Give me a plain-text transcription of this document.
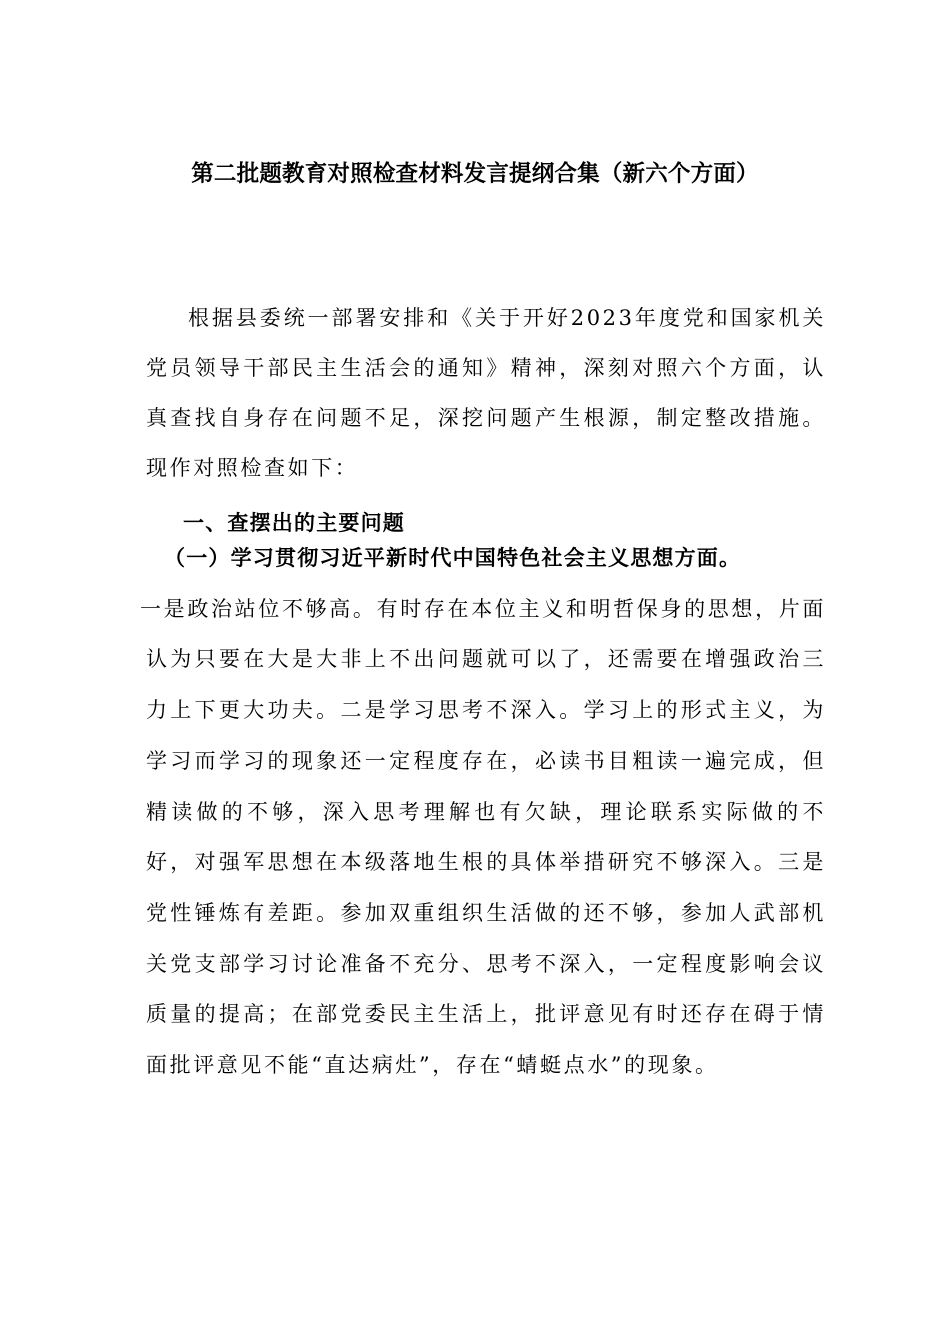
第二批题教育对照检查材料发言提纲合集（新六个方面）
根据县委统一部署安排和《关于开好2023年度党和国家机关党员领导干部民主生活会的通知》精神，深刻对照六个方面，认真查找自身存在问题不足，深挖问题产生根源，制定整改措施。现作对照检查如下：
一、查摆出的主要问题
（一）学习贯彻习近平新时代中国特色社会主义思想方面。
一是政治站位不够高。有时存在本位主义和明哲保身的思想，片面认为只要在大是大非上不出问题就可以了，还需要在增强政治三力上下更大功夫。二是学习思考不深入。学习上的形式主义，为学习而学习的现象还一定程度存在，必读书目粗读一遍完成，但精读做的不够，深入思考理解也有欠缺，理论联系实际做的不好，对强军思想在本级落地生根的具体举措研究不够深入。三是党性锤炼有差距。参加双重组织生活做的还不够，参加人武部机关党支部学习讨论准备不充分、思考不深入，一定程度影响会议质量的提高；在部党委民主生活上，批评意见有时还存在碍于情面批评意见不能“直达病灶”，存在“蜻蜓点水”的现象。
